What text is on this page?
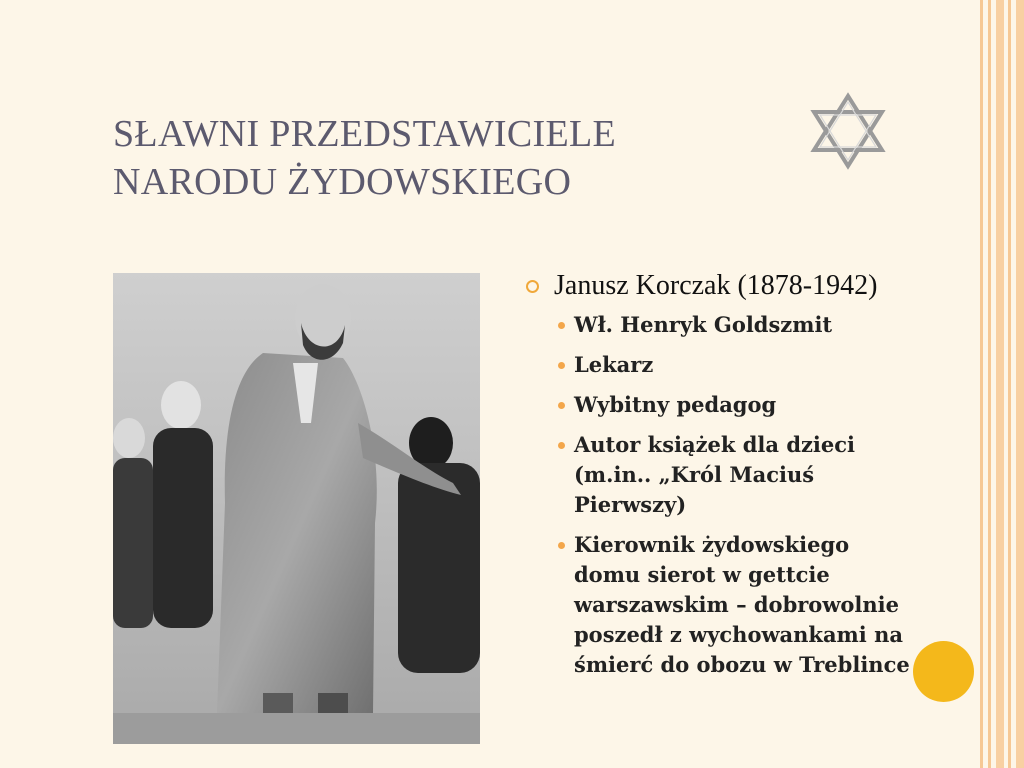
SŁAWNI PRZEDSTAWICIELE
NARODU ŻYDOWSKIEGO
Janusz Korczak (1878-1942)
Wł. Henryk Goldszmit
Lekarz
Wybitny pedagog
Autor książek dla dzieci
(m.in.. „Król Maciuś
Pierwszy)
Kierownik żydowskiego
domu sierot w gettcie
warszawskim – dobrowolnie
poszedł z wychowankami na
śmierć do obozu w Treblince
